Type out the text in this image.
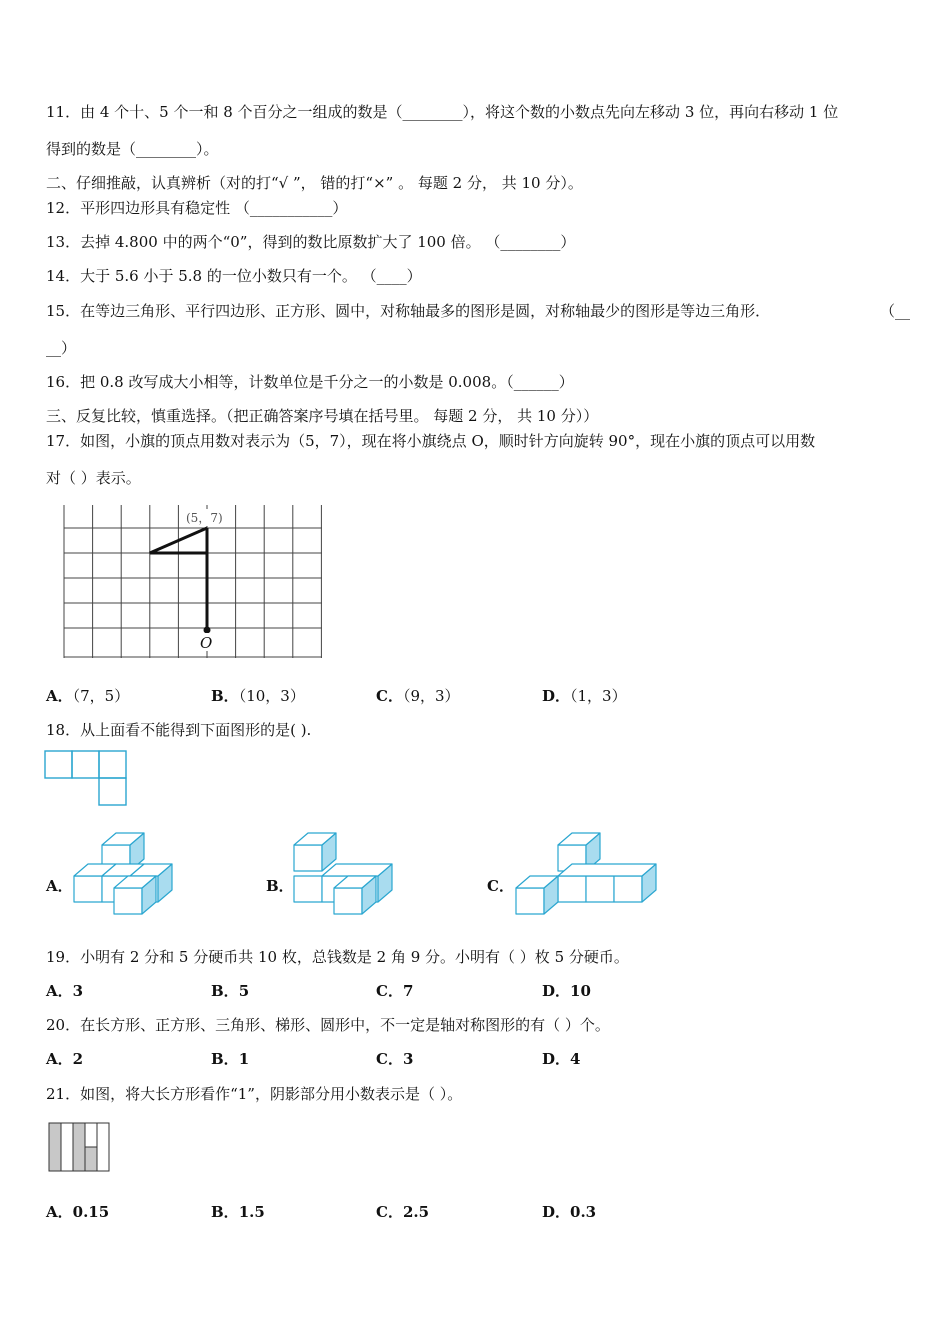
11．由 4 个十、5 个一和 8 个百分之一组成的数是（________），将这个数的小数点先向左移动 3 位，再向右移动 1 位
得到的数是（________）。
二、仔细推敲，认真辨析（对的打“√ ”， 错的打“×” 。 每题 2 分， 共 10 分）。
12．平形四边形具有稳定性 （___________）
13．去掉 4.800 中的两个“0”，得到的数比原数扩大了 100 倍。 （________）
14．大于 5.6 小于 5.8 的一位小数只有一个。 （____）
15．在等边三角形、平行四边形、正方形、圆中，对称轴最多的图形是圆，对称轴最少的图形是等边三角形．	（__
__）
16．把 0.8 改写成大小相等，计数单位是千分之一的小数是 0.008。（______）
三、反复比较，慎重选择。（把正确答案序号填在括号里。 每题 2 分， 共 10 分））
17．如图，小旗的顶点用数对表示为（5，7），现在将小旗绕点 O，顺时针方向旋转 90°，现在小旗的顶点可以用数
对（ ）表示。
(5，7)
O
A．（7，5）	B．（10，3）	C．（9，3）	D．（1，3）
18．从上面看不能得到下面图形的是( ).
A．	B．	C．
19．小明有 2 分和 5 分硬币共 10 枚，总钱数是 2 角 9 分。小明有（ ）枚 5 分硬币。
A．3	B．5	C．7	D．10
20．在长方形、正方形、三角形、梯形、圆形中，不一定是轴对称图形的有（ ）个。
A．2	B．1	C．3	D．4
21．如图，将大长方形看作“1”，阴影部分用小数表示是（ ）。
A．0.15	B．1.5	C．2.5	D．0.3
